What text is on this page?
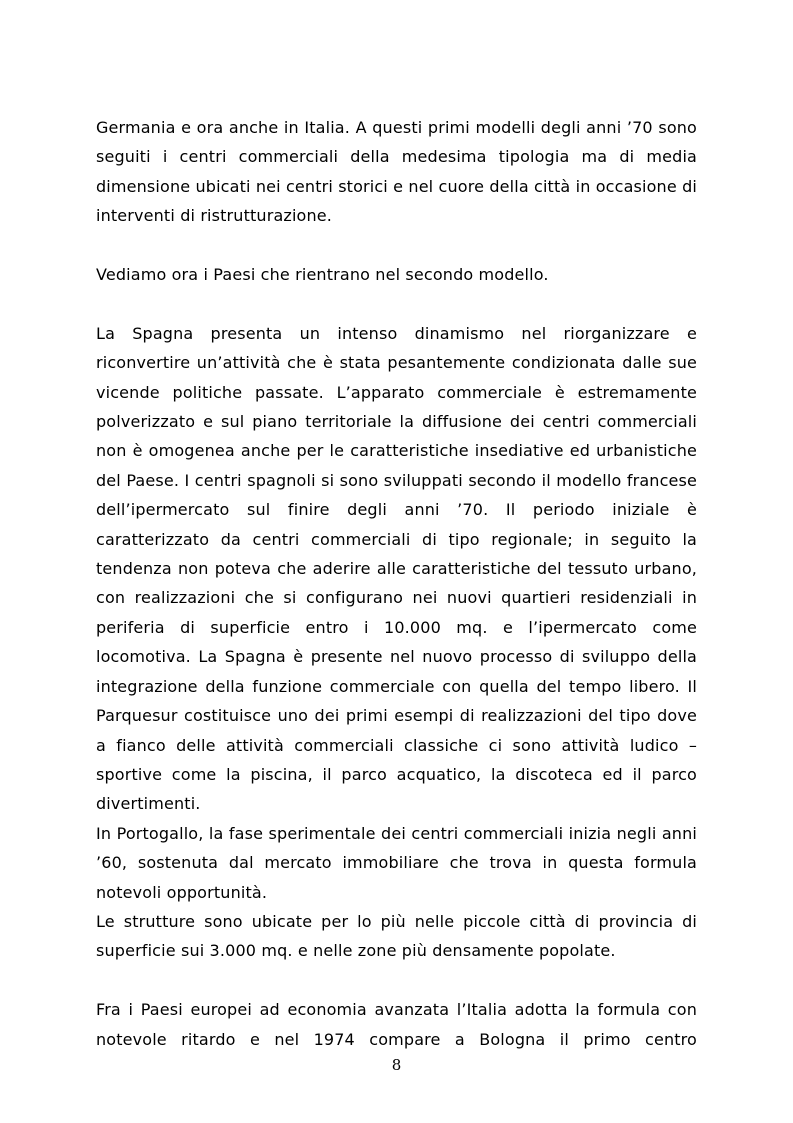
Germania e ora anche in Italia. A questi primi modelli degli anni ’70 sono seguiti i centri commerciali della medesima tipologia ma di media dimensione ubicati nei centri storici e nel cuore della città in occasione di interventi di ristrutturazione.

Vediamo ora i Paesi che rientrano nel secondo modello.

La Spagna presenta un intenso dinamismo nel riorganizzare e riconvertire un’attività che è stata pesantemente condizionata dalle sue vicende politiche passate. L’apparato commerciale è estremamente polverizzato e sul piano territoriale la diffusione dei centri commerciali non è omogenea anche per le caratteristiche insediative ed urbanistiche del Paese. I centri spagnoli si sono sviluppati secondo il modello francese dell’ipermercato sul finire degli anni ’70. Il periodo iniziale è caratterizzato da centri commerciali di tipo regionale; in seguito la tendenza non poteva che aderire alle caratteristiche del tessuto urbano, con realizzazioni che si configurano nei nuovi quartieri residenziali in periferia di superficie entro i 10.000 mq. e l’ipermercato come locomotiva. La Spagna è presente nel nuovo processo di sviluppo della integrazione della funzione commerciale con quella del tempo libero. Il Parquesur costituisce uno dei primi esempi di realizzazioni del tipo dove a fianco delle attività commerciali classiche ci sono attività ludico – sportive come la piscina, il parco acquatico, la discoteca ed il parco divertimenti.

In Portogallo, la fase sperimentale dei centri commerciali inizia negli anni ’60, sostenuta dal mercato immobiliare che trova in questa formula notevoli opportunità.

Le strutture sono ubicate per lo più nelle piccole città di provincia di superficie sui 3.000 mq. e nelle zone più densamente popolate.

Fra i Paesi europei ad economia avanzata l’Italia adotta la formula con notevole ritardo e nel 1974 compare a Bologna il primo centro

8
